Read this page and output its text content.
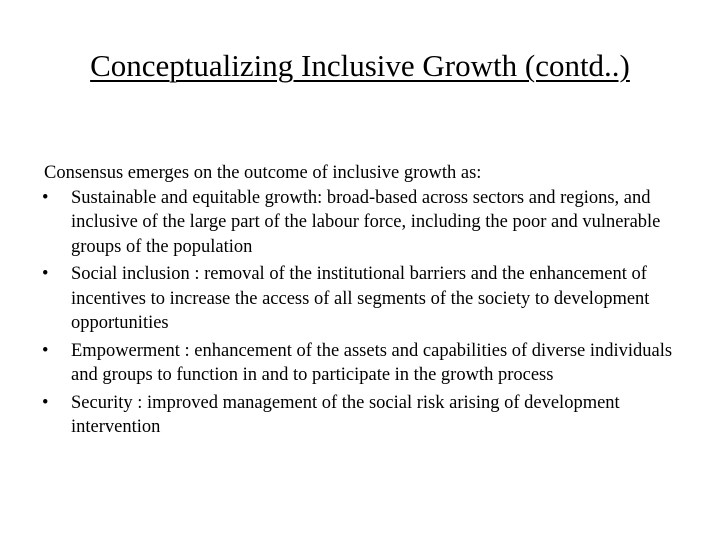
Conceptualizing Inclusive Growth (contd..)

Consensus emerges on the outcome of inclusive growth as:

•	Sustainable and equitable growth: broad-based across sectors and regions, and inclusive of the large part of the labour force, including the poor and vulnerable groups of the population
•	Social inclusion : removal of the institutional barriers and the enhancement of incentives to increase the access of all segments of the society to development opportunities
•	Empowerment : enhancement of the assets and capabilities of diverse individuals and groups to function in and to participate in the growth process
•	Security : improved management of the social risk arising of development intervention
